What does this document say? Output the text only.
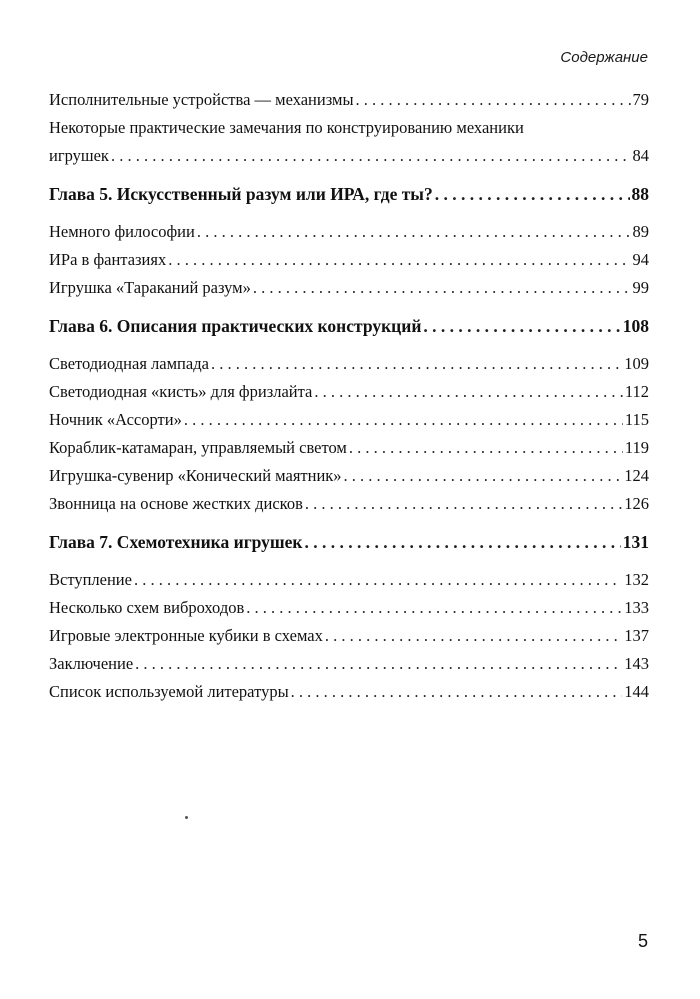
Содержание
Исполнительные устройства — механизмы . . .	79
Некоторые практические замечания по конструированию механики
игрушек . . .	84
Глава 5. Искусственный разум или ИРА, где ты? . . .	88
Немного философии . . .	89
ИРа в фантазиях . . .	94
Игрушка «Тараканий разум» . . .	99
Глава 6. Описания практических конструкций . . .	108
Светодиодная лампада . . .	109
Светодиодная «кисть» для фризлайта . . .	112
Ночник «Ассорти» . . .	115
Кораблик-катамаран, управляемый светом . . .	119
Игрушка-сувенир «Конический маятник» . . .	124
Звонница на основе жестких дисков . . .	126
Глава 7. Схемотехника игрушек . . .	131
Вступление . . .	132
Несколько схем виброходов . . .	133
Игровые электронные кубики в схемах . . .	137
Заключение . . .	143
Список используемой литературы . . .	144
5
